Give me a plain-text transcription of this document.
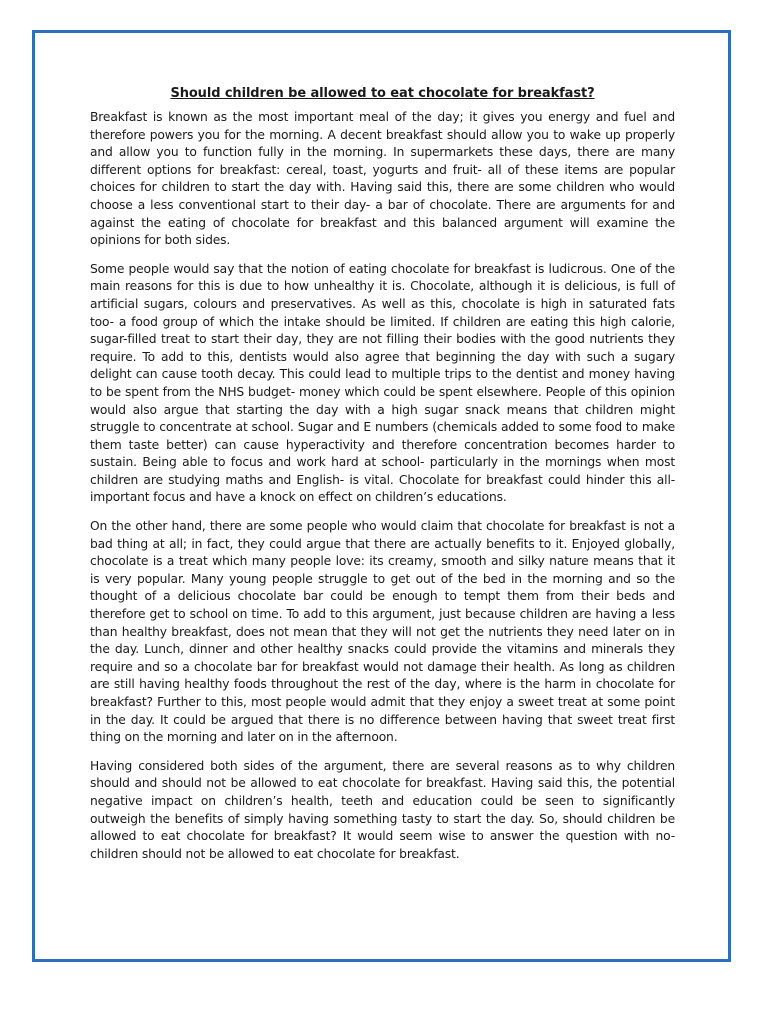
Should children be allowed to eat chocolate for breakfast?

Breakfast is known as the most important meal of the day; it gives you energy and fuel and therefore powers you for the morning. A decent breakfast should allow you to wake up properly and allow you to function fully in the morning. In supermarkets these days, there are many different options for breakfast: cereal, toast, yogurts and fruit- all of these items are popular choices for children to start the day with. Having said this, there are some children who would choose a less conventional start to their day- a bar of chocolate. There are arguments for and against the eating of chocolate for breakfast and this balanced argument will examine the opinions for both sides.

Some people would say that the notion of eating chocolate for breakfast is ludicrous. One of the main reasons for this is due to how unhealthy it is. Chocolate, although it is delicious, is full of artificial sugars, colours and preservatives. As well as this, chocolate is high in saturated fats too- a food group of which the intake should be limited. If children are eating this high calorie, sugar-filled treat to start their day, they are not filling their bodies with the good nutrients they require. To add to this, dentists would also agree that beginning the day with such a sugary delight can cause tooth decay. This could lead to multiple trips to the dentist and money having to be spent from the NHS budget- money which could be spent elsewhere. People of this opinion would also argue that starting the day with a high sugar snack means that children might struggle to concentrate at school. Sugar and E numbers (chemicals added to some food to make them taste better) can cause hyperactivity and therefore concentration becomes harder to sustain. Being able to focus and work hard at school- particularly in the mornings when most children are studying maths and English- is vital. Chocolate for breakfast could hinder this all-important focus and have a knock on effect on children’s educations.

On the other hand, there are some people who would claim that chocolate for breakfast is not a bad thing at all; in fact, they could argue that there are actually benefits to it. Enjoyed globally, chocolate is a treat which many people love: its creamy, smooth and silky nature means that it is very popular. Many young people struggle to get out of the bed in the morning and so the thought of a delicious chocolate bar could be enough to tempt them from their beds and therefore get to school on time. To add to this argument, just because children are having a less than healthy breakfast, does not mean that they will not get the nutrients they need later on in the day. Lunch, dinner and other healthy snacks could provide the vitamins and minerals they require and so a chocolate bar for breakfast would not damage their health. As long as children are still having healthy foods throughout the rest of the day, where is the harm in chocolate for breakfast? Further to this, most people would admit that they enjoy a sweet treat at some point in the day. It could be argued that there is no difference between having that sweet treat first thing on the morning and later on in the afternoon.

Having considered both sides of the argument, there are several reasons as to why children should and should not be allowed to eat chocolate for breakfast. Having said this, the potential negative impact on children’s health, teeth and education could be seen to significantly outweigh the benefits of simply having something tasty to start the day. So, should children be allowed to eat chocolate for breakfast? It would seem wise to answer the question with no- children should not be allowed to eat chocolate for breakfast.
